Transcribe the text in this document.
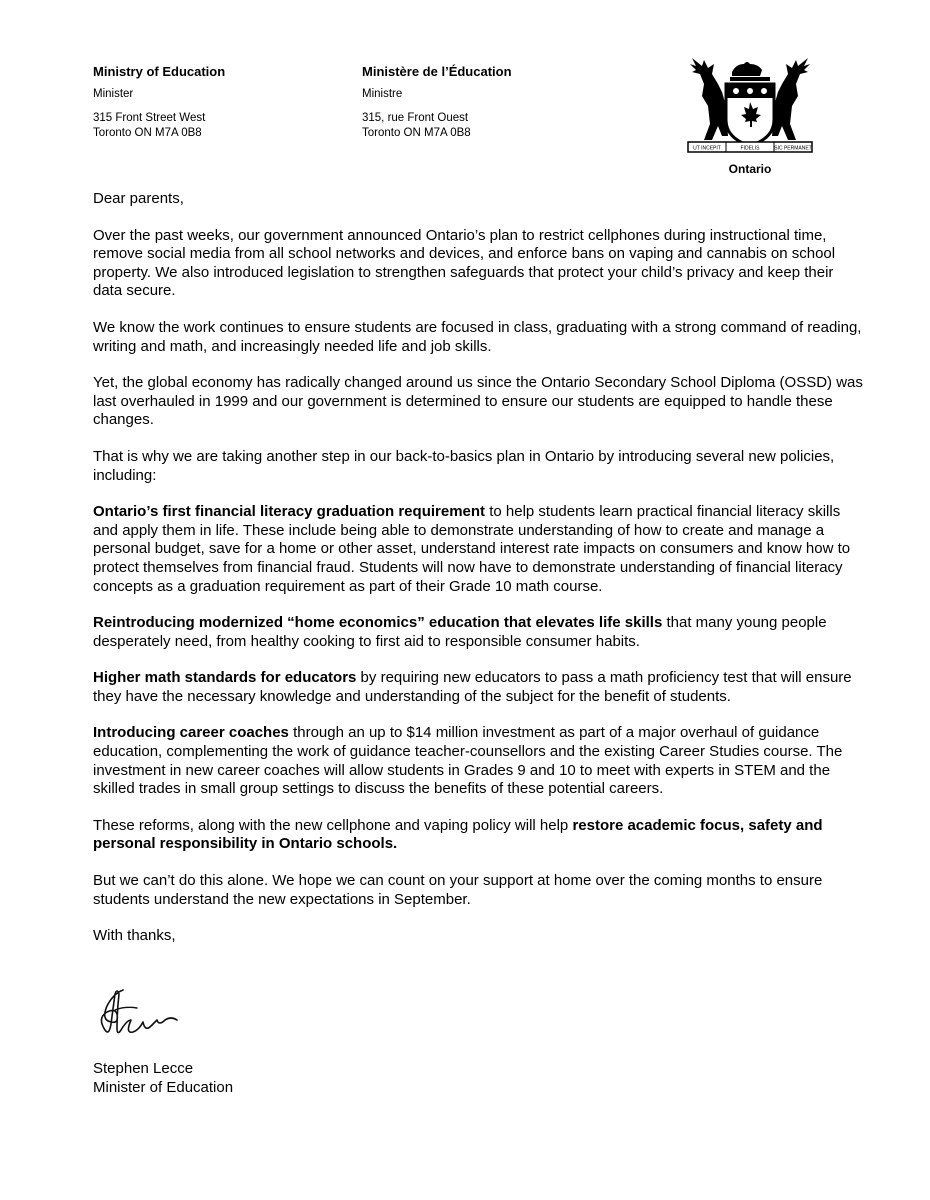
Ministry of Education
Minister
315 Front Street West
Toronto ON M7A 0B8
Ministère de l’Éducation
Ministre
315, rue Front Ouest
Toronto ON M7A 0B8
UT INCEPIT	FIDELIS	SIC PERMANET
Ontario

Dear parents,

Over the past weeks, our government announced Ontario’s plan to restrict cellphones during instructional time, remove social media from all school networks and devices, and enforce bans on vaping and cannabis on school property. We also introduced legislation to strengthen safeguards that protect your child’s privacy and keep their data secure.

We know the work continues to ensure students are focused in class, graduating with a strong command of reading, writing and math, and increasingly needed life and job skills.

Yet, the global economy has radically changed around us since the Ontario Secondary School Diploma (OSSD) was last overhauled in 1999 and our government is determined to ensure our students are equipped to handle these changes.

That is why we are taking another step in our back-to-basics plan in Ontario by introducing several new policies, including:

Ontario’s first financial literacy graduation requirement to help students learn practical financial literacy skills and apply them in life. These include being able to demonstrate understanding of how to create and manage a personal budget, save for a home or other asset, understand interest rate impacts on consumers and know how to protect themselves from financial fraud. Students will now have to demonstrate understanding of financial literacy concepts as a graduation requirement as part of their Grade 10 math course.

Reintroducing modernized “home economics” education that elevates life skills that many young people desperately need, from healthy cooking to first aid to responsible consumer habits.

Higher math standards for educators by requiring new educators to pass a math proficiency test that will ensure they have the necessary knowledge and understanding of the subject for the benefit of students.

Introducing career coaches through an up to $14 million investment as part of a major overhaul of guidance education, complementing the work of guidance teacher-counsellors and the existing Career Studies course. The investment in new career coaches will allow students in Grades 9 and 10 to meet with experts in STEM and the skilled trades in small group settings to discuss the benefits of these potential careers.

These reforms, along with the new cellphone and vaping policy will help restore academic focus, safety and personal responsibility in Ontario schools.

But we can’t do this alone. We hope we can count on your support at home over the coming months to ensure students understand the new expectations in September.

With thanks,

Stephen Lecce
Minister of Education
